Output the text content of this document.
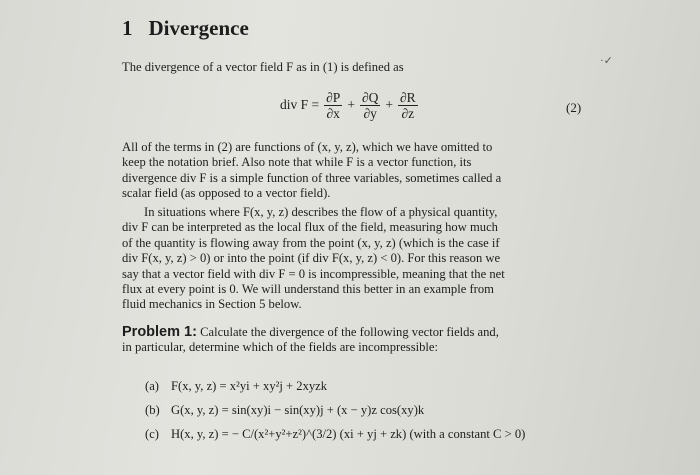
1 Divergence
·✓
The divergence of a vector field F as in (1) is defined as
div $F = \frac{\partial P}{\partial x} + \frac{\partial Q}{\partial y} + \frac{\partial R}{\partial z}$	(2)

All of the terms in (2) are functions of (x, y, z), which we have omitted to
keep the notation brief. Also note that while F is a vector function, its
divergence div F is a simple function of three variables, sometimes called a
scalar field (as opposed to a vector field).

In situations where F(x, y, z) describes the flow of a physical quantity,
div F can be interpreted as the local flux of the field, measuring how much
of the quantity is flowing away from the point (x, y, z) (which is the case if
div F(x, y, z) > 0) or into the point (if div F(x, y, z) < 0). For this reason we
say that a vector field with div F = 0 is incompressible, meaning that the net
flux at every point is 0. We will understand this better in an example from
fluid mechanics in Section 5 below.

Problem 1: Calculate the divergence of the following vector fields and,
in particular, determine which of the fields are incompressible:
(a) F(x, y, z) = x²yi + xy²j + 2xyzk
(b) G(x, y, z) = sin(xy)i − sin(xy)j + (x − y)z cos(xy)k
(c) H(x, y, z) = − C/(x²+y²+z²)^(3/2) (xi + yj + zk) (with a constant C > 0)
